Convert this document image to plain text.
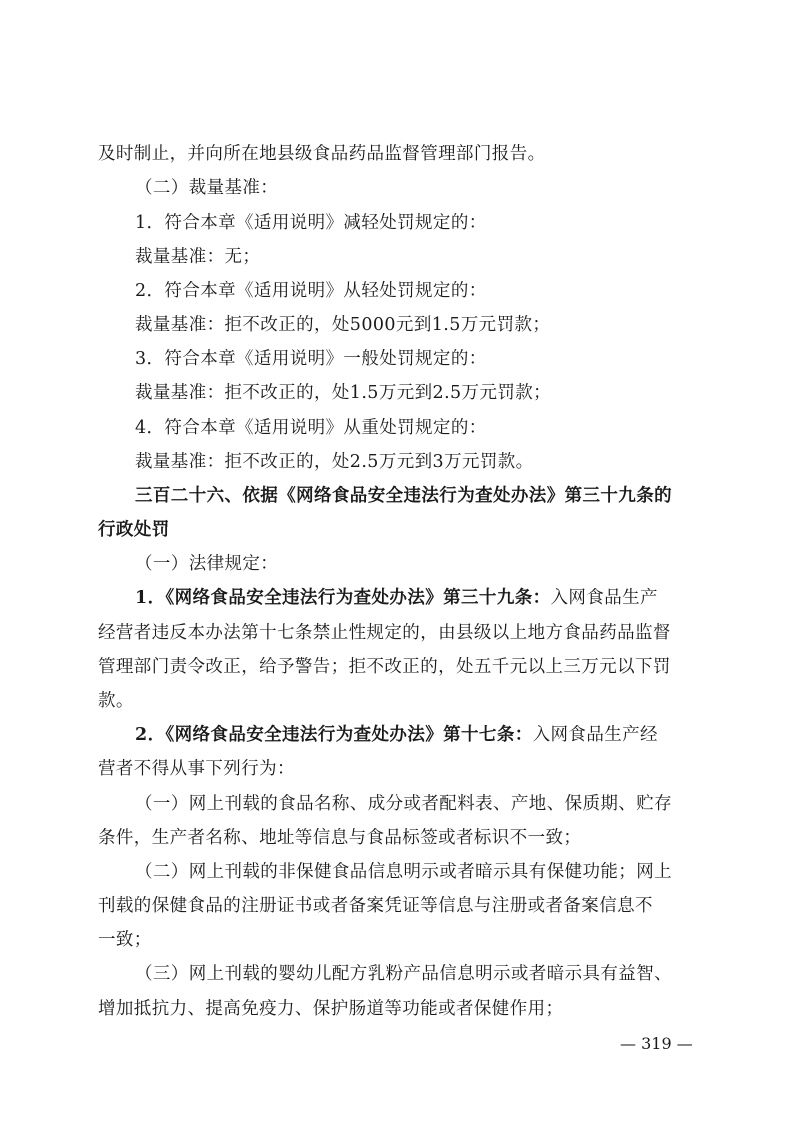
及时制止，并向所在地县级食品药品监督管理部门报告。
（二）裁量基准：
1．符合本章《适用说明》减轻处罚规定的：
裁量基准：无；
2．符合本章《适用说明》从轻处罚规定的：
裁量基准：拒不改正的，处5000元到1.5万元罚款；
3．符合本章《适用说明》一般处罚规定的：
裁量基准：拒不改正的，处1.5万元到2.5万元罚款；
4．符合本章《适用说明》从重处罚规定的：
裁量基准：拒不改正的，处2.5万元到3万元罚款。
三百二十六、依据《网络食品安全违法行为查处办法》第三十九条的
行政处罚
（一）法律规定：
1．《网络食品安全违法行为查处办法》第三十九条：入网食品生产
经营者违反本办法第十七条禁止性规定的，由县级以上地方食品药品监督
管理部门责令改正，给予警告；拒不改正的，处五千元以上三万元以下罚
款。
2．《网络食品安全违法行为查处办法》第十七条：入网食品生产经
营者不得从事下列行为：
（一）网上刊载的食品名称、成分或者配料表、产地、保质期、贮存
条件，生产者名称、地址等信息与食品标签或者标识不一致；
（二）网上刊载的非保健食品信息明示或者暗示具有保健功能；网上
刊载的保健食品的注册证书或者备案凭证等信息与注册或者备案信息不
一致；
（三）网上刊载的婴幼儿配方乳粉产品信息明示或者暗示具有益智、
增加抵抗力、提高免疫力、保护肠道等功能或者保健作用；
— 319 —
